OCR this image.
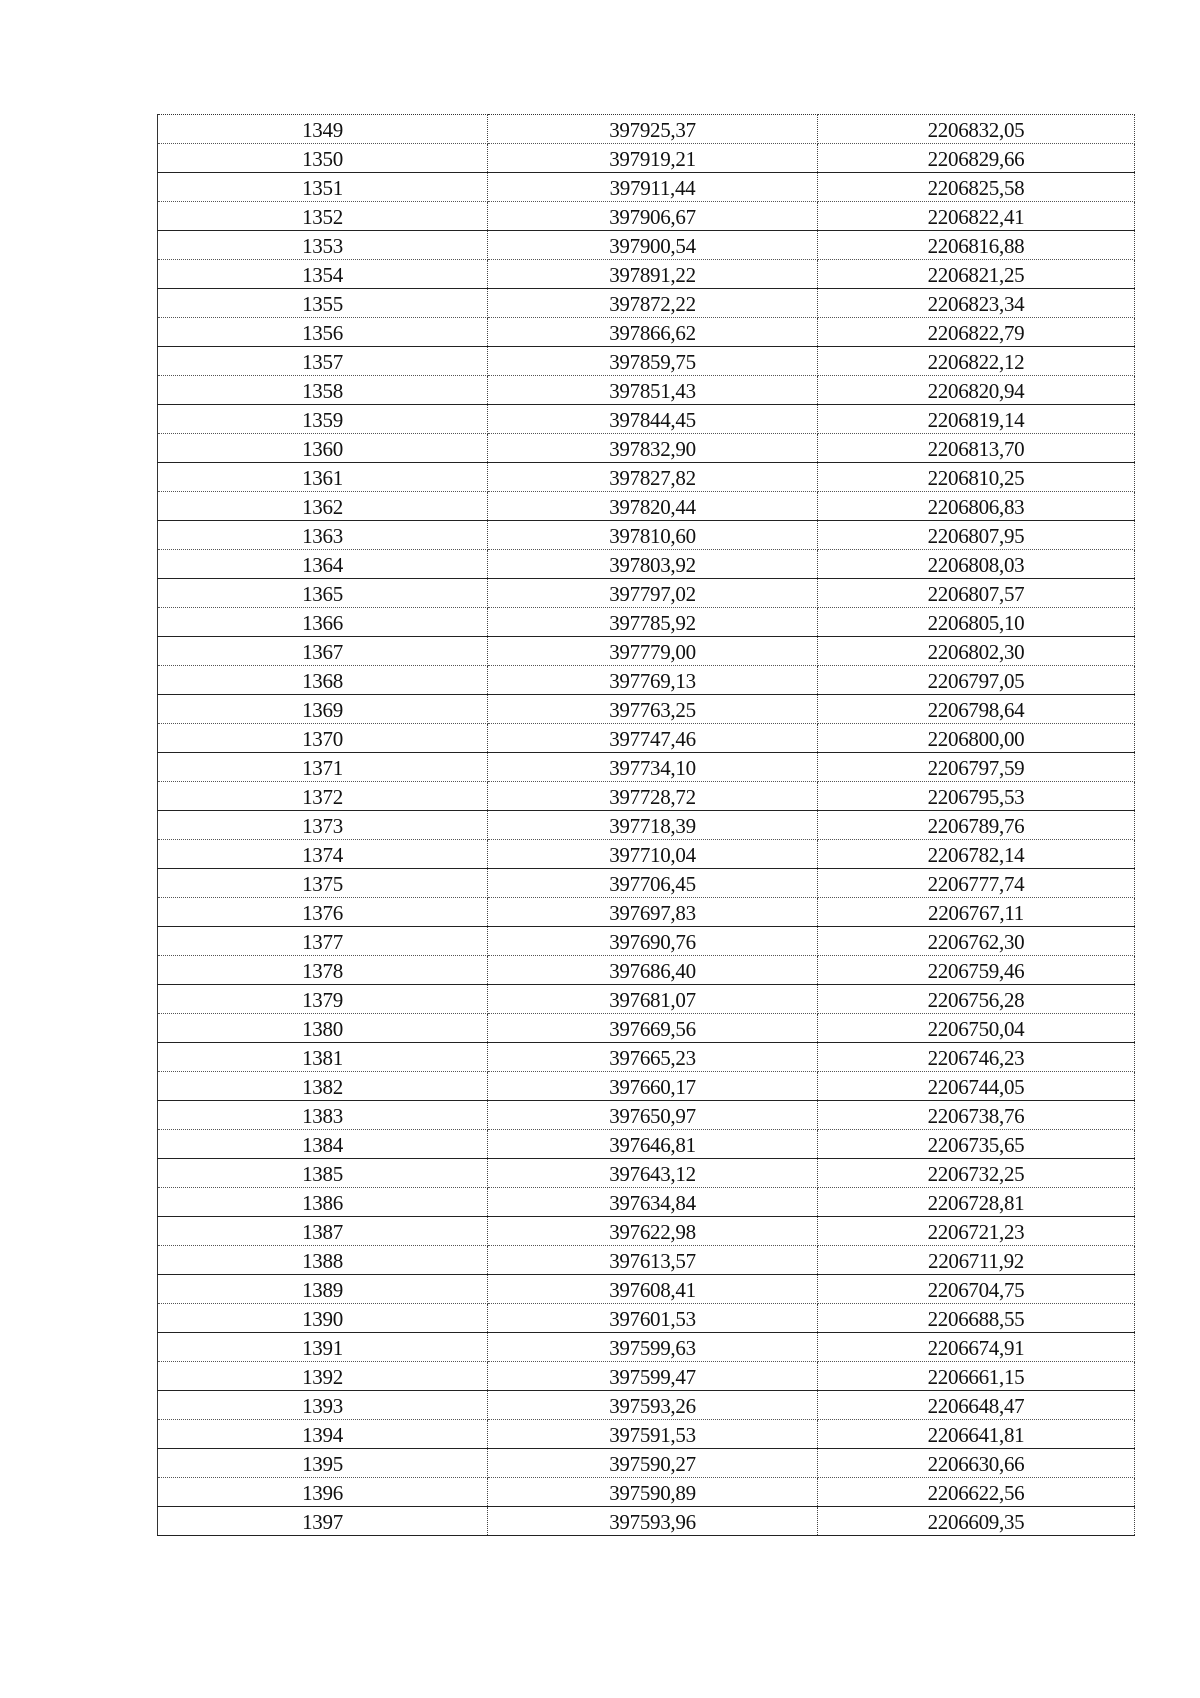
1349	397925,37	2206832,05
1350	397919,21	2206829,66
1351	397911,44	2206825,58
1352	397906,67	2206822,41
1353	397900,54	2206816,88
1354	397891,22	2206821,25
1355	397872,22	2206823,34
1356	397866,62	2206822,79
1357	397859,75	2206822,12
1358	397851,43	2206820,94
1359	397844,45	2206819,14
1360	397832,90	2206813,70
1361	397827,82	2206810,25
1362	397820,44	2206806,83
1363	397810,60	2206807,95
1364	397803,92	2206808,03
1365	397797,02	2206807,57
1366	397785,92	2206805,10
1367	397779,00	2206802,30
1368	397769,13	2206797,05
1369	397763,25	2206798,64
1370	397747,46	2206800,00
1371	397734,10	2206797,59
1372	397728,72	2206795,53
1373	397718,39	2206789,76
1374	397710,04	2206782,14
1375	397706,45	2206777,74
1376	397697,83	2206767,11
1377	397690,76	2206762,30
1378	397686,40	2206759,46
1379	397681,07	2206756,28
1380	397669,56	2206750,04
1381	397665,23	2206746,23
1382	397660,17	2206744,05
1383	397650,97	2206738,76
1384	397646,81	2206735,65
1385	397643,12	2206732,25
1386	397634,84	2206728,81
1387	397622,98	2206721,23
1388	397613,57	2206711,92
1389	397608,41	2206704,75
1390	397601,53	2206688,55
1391	397599,63	2206674,91
1392	397599,47	2206661,15
1393	397593,26	2206648,47
1394	397591,53	2206641,81
1395	397590,27	2206630,66
1396	397590,89	2206622,56
1397	397593,96	2206609,35
